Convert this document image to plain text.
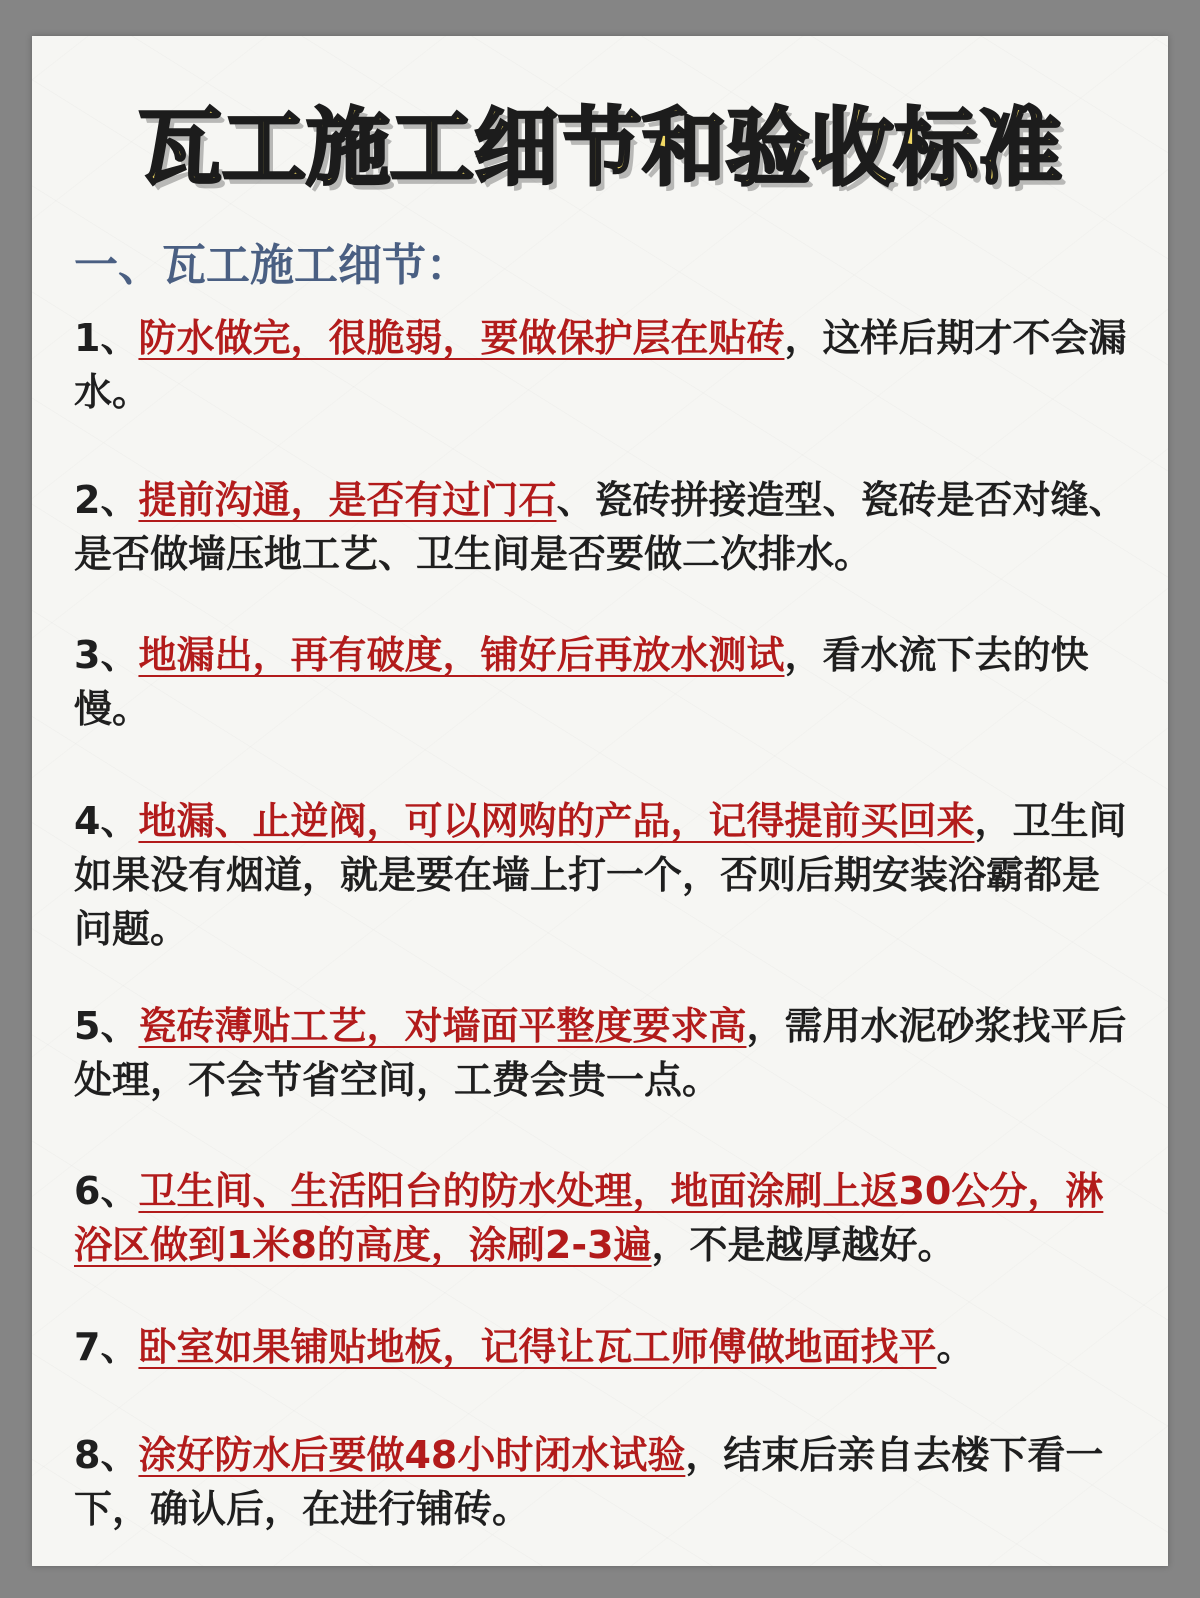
瓦工施工细节和验收标准
一、瓦工施工细节：
1、防水做完，很脆弱，要做保护层在贴砖，这样后期才不会漏水。
2、提前沟通，是否有过门石、瓷砖拼接造型、瓷砖是否对缝、是否做墙压地工艺、卫生间是否要做二次排水。
3、地漏出，再有破度，铺好后再放水测试，看水流下去的快慢。
4、地漏、止逆阀，可以网购的产品，记得提前买回来，卫生间如果没有烟道，就是要在墙上打一个，否则后期安装浴霸都是问题。
5、瓷砖薄贴工艺，对墙面平整度要求高，需用水泥砂浆找平后处理，不会节省空间，工费会贵一点。
6、卫生间、生活阳台的防水处理，地面涂刷上返30公分，淋浴区做到1米8的高度，涂刷2-3遍，不是越厚越好。
7、卧室如果铺贴地板，记得让瓦工师傅做地面找平。
8、涂好防水后要做48小时闭水试验，结束后亲自去楼下看一下，确认后，在进行铺砖。
